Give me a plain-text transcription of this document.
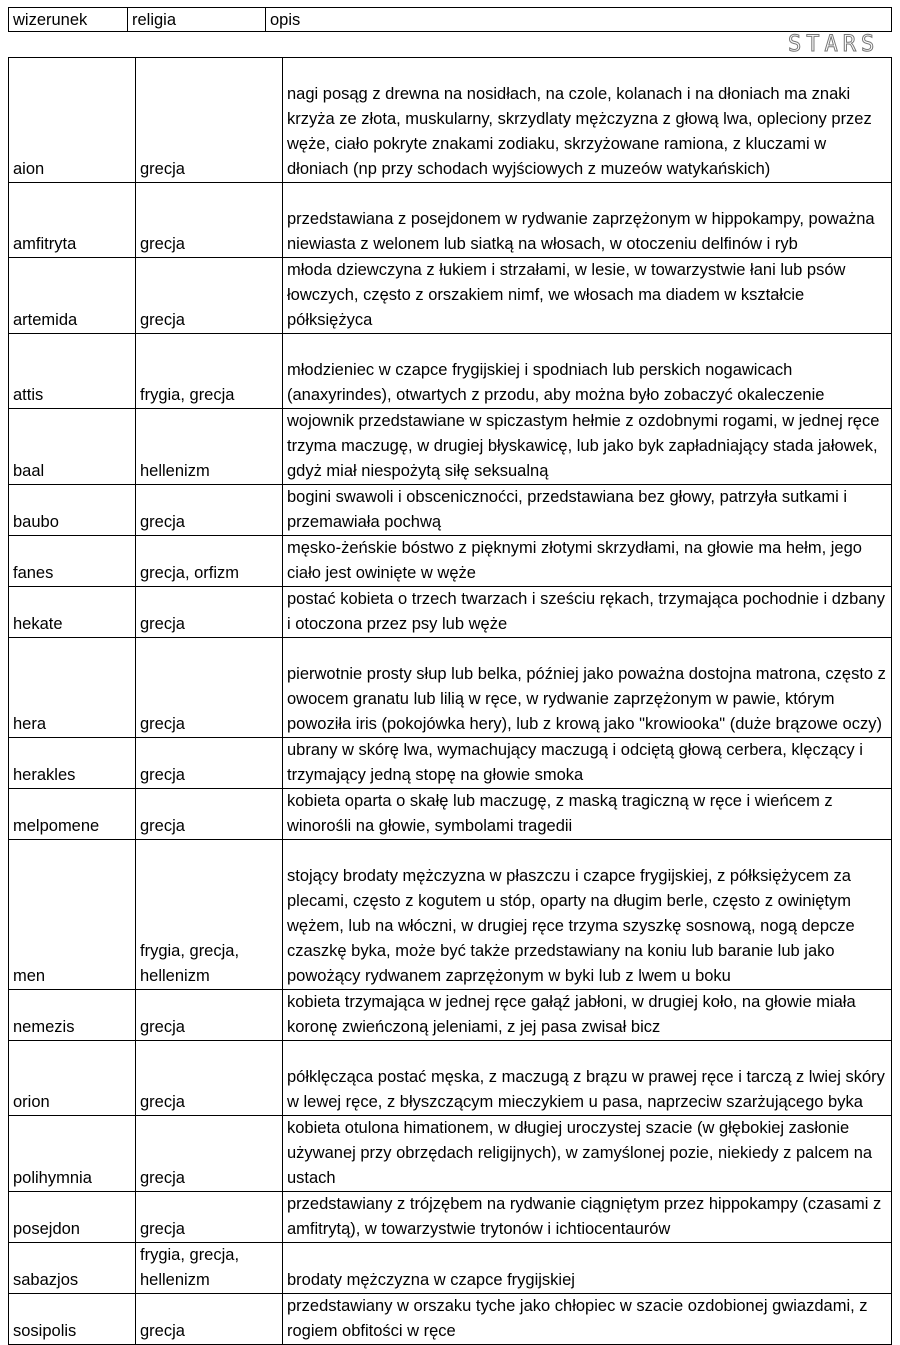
wizerunek	religia	opis
STARS
aion	grecja	nagi posąg z drewna na nosidłach, na czole, kolanach i na dłoniach ma znaki krzyża ze złota, muskularny, skrzydlaty mężczyzna z głową lwa, opleciony przez węże, ciało pokryte znakami zodiaku, skrzyżowane ramiona, z kluczami w dłoniach (np przy schodach wyjściowych z muzeów watykańskich)
amfitryta	grecja	przedstawiana z posejdonem w rydwanie zaprzężonym w hippokampy, poważna niewiasta z welonem lub siatką na włosach, w otoczeniu delfinów i ryb
artemida	grecja	młoda dziewczyna z łukiem i strzałami, w lesie, w towarzystwie łani lub psów łowczych, często z orszakiem nimf, we włosach ma diadem w kształcie półksiężyca
attis	frygia, grecja	młodzieniec w czapce frygijskiej i spodniach lub perskich nogawicach (anaxyrindes), otwartych z przodu, aby można było zobaczyć okaleczenie
baal	hellenizm	wojownik przedstawiane w spiczastym hełmie z ozdobnymi rogami, w jednej ręce trzyma maczugę, w drugiej błyskawicę, lub jako byk zapładniający stada jałowek, gdyż miał niespożytą siłę seksualną
baubo	grecja	bogini swawoli i obscenicznoćci, przedstawiana bez głowy, patrzyła sutkami i przemawiała pochwą
fanes	grecja, orfizm	męsko-żeńskie bóstwo z pięknymi złotymi skrzydłami, na głowie ma hełm, jego ciało jest owinięte w węże
hekate	grecja	postać kobieta o trzech twarzach i sześciu rękach, trzymająca pochodnie i dzbany i otoczona przez psy lub węże
hera	grecja	pierwotnie prosty słup lub belka, później jako poważna dostojna matrona, często z owocem granatu lub lilią w ręce, w rydwanie zaprzężonym w pawie, którym powoziła iris (pokojówka hery), lub z krową jako "krowiooka" (duże brązowe oczy)
herakles	grecja	ubrany w skórę lwa, wymachujący maczugą i odciętą głową cerbera, klęczący i trzymający jedną stopę na głowie smoka
melpomene	grecja	kobieta oparta o skałę lub maczugę, z maską tragiczną w ręce i wieńcem z winorośli na głowie, symbolami tragedii
men	frygia, grecja, hellenizm	stojący brodaty mężczyzna w płaszczu i czapce frygijskiej, z półksiężycem za plecami, często z kogutem u stóp, oparty na długim berle, często z owiniętym wężem, lub na włóczni, w drugiej ręce trzyma szyszkę sosnową, nogą depcze czaszkę byka, może być także przedstawiany na koniu lub baranie lub jako powożący rydwanem zaprzężonym w byki lub z lwem u boku
nemezis	grecja	kobieta trzymająca w jednej ręce gałąź jabłoni, w drugiej koło, na głowie miała koronę zwieńczoną jeleniami, z jej pasa zwisał bicz
orion	grecja	półklęcząca postać męska, z maczugą z brązu w prawej ręce i tarczą z lwiej skóry w lewej ręce, z błyszczącym mieczykiem u pasa, naprzeciw szarżującego byka
polihymnia	grecja	kobieta otulona himationem, w długiej uroczystej szacie (w głębokiej zasłonie używanej przy obrzędach religijnych), w zamyślonej pozie, niekiedy z palcem na ustach
posejdon	grecja	przedstawiany z trójzębem na rydwanie ciągniętym przez hippokampy (czasami z amfitrytą), w towarzystwie trytonów i ichtiocentaurów
sabazjos	frygia, grecja, hellenizm	brodaty mężczyzna w czapce frygijskiej
sosipolis	grecja	przedstawiany w orszaku tyche jako chłopiec w szacie ozdobionej gwiazdami, z rogiem obfitości w ręce
